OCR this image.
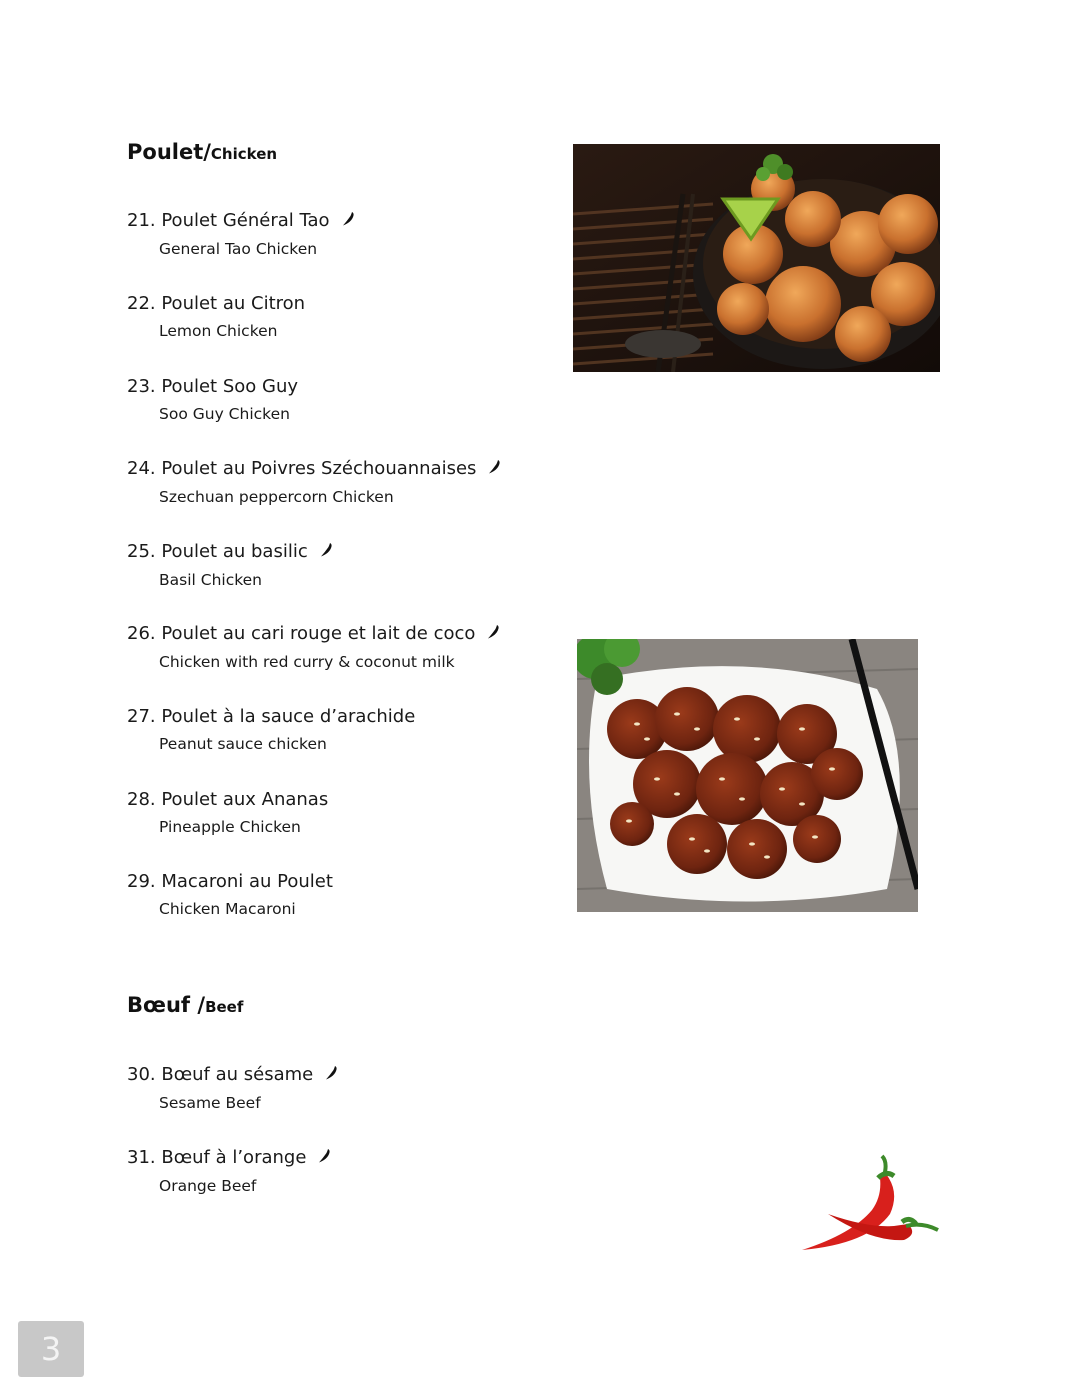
Poulet/Chicken
21. Poulet Général Tao
General Tao Chicken
22. Poulet au Citron
Lemon Chicken
23. Poulet Soo Guy
Soo Guy Chicken
24. Poulet au Poivres Széchouannaises
Szechuan peppercorn Chicken
25. Poulet au basilic
Basil Chicken
26. Poulet au cari rouge et lait de coco
Chicken with red curry & coconut milk
27. Poulet à la sauce d’arachide
Peanut sauce chicken
28. Poulet aux Ananas
Pineapple Chicken
29. Macaroni au Poulet
Chicken Macaroni
Bœuf /Beef
30. Bœuf au sésame
Sesame Beef
31. Bœuf à l’orange
Orange Beef
3
